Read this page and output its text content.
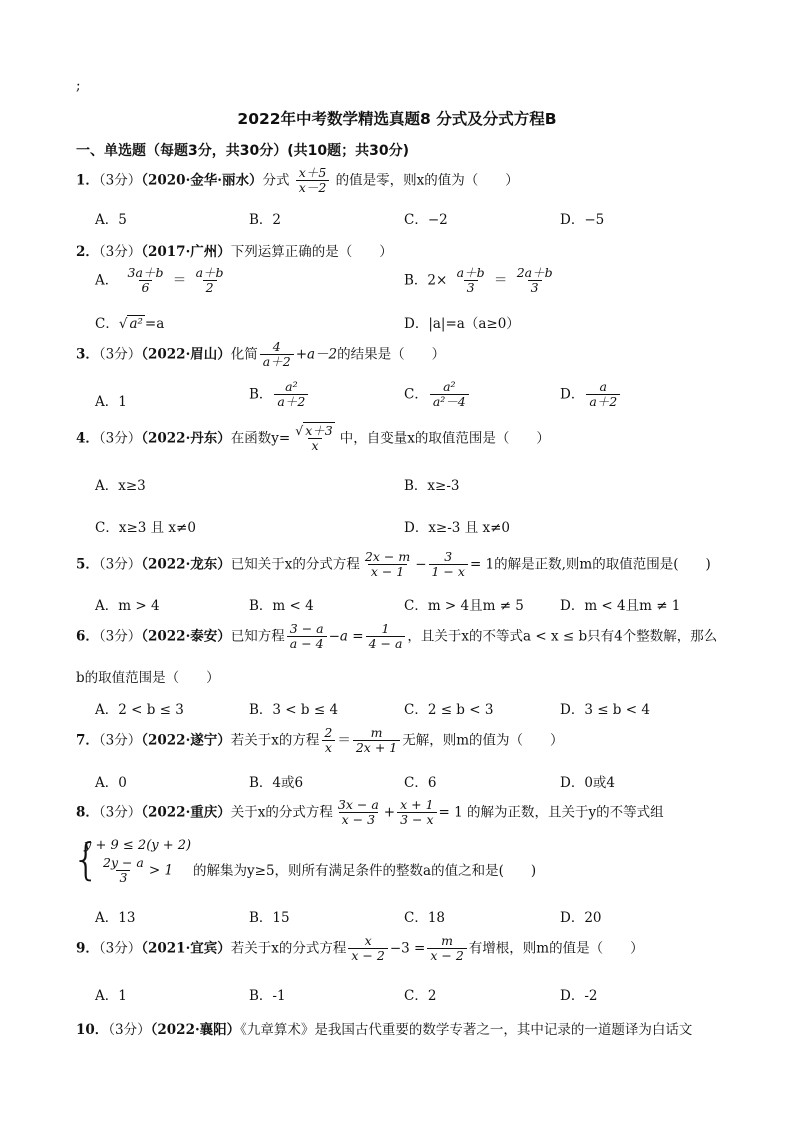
;
2022年中考数学精选真题8 分式及分式方程B
一、单选题（每题3分，共30分）(共10题；共30分)
1．（3分）（2020·金华·丽水）分式 $\frac{x+5}{x-2}$ 的值是零，则x的值为（　　）
A．5	B．2	C．−2	D．−5
2．（3分）（2017·广州）下列运算正确的是（　　）
A． $\frac{3a+b}{6} = \frac{a+b}{2}$	B．$2\times \frac{a+b}{3} = \frac{2a+b}{3}$
C．√ a² =a	D．|a|=a（a≥0）
3．（3分）（2022·眉山）化简 $\frac{4}{a+2} +a-2$的结果是（　　）
A．1	B． $\frac{\text{a²}}{a+2}$	C． $\frac{\text{a²}}{\text{a²－4}}$	D． $\frac{a}{a+2}$
4．（3分）（2022·丹东）在函数$y= \frac{√ x+3}{x}$ 中，自变量x的取值范围是（　　）
A．x≥3	B．x≥-3
C．x≥3 且 x≠0	D．x≥-3 且 x≠0
5．（3分）（2022·龙东）已知关于x的分式方程 $\frac{2x - m}{x - 1} - \frac{3}{1 - x} = 1$的解是正数,则m的取值范围是(　　)
A．m > 4	B．m < 4	C．m > 4且m ≠ 5	D．m < 4且m ≠ 1
6．（3分）（2022·泰安）已知方程 $\frac{3 - a}{a - 4} -a = \frac{1}{4 - a}$ ，且关于x的不等式a < x ≤ b只有4个整数解，那么
b的取值范围是（　　）
A．2 < b ≤ 3	B．3 < b ≤ 4	C．2 ≤ b < 3	D．3 ≤ b < 4
7．（3分）（2022·遂宁）若关于x的方程 $\frac{2}{x} = \frac{m}{2x + 1}$ 无解，则m的值为（　　）
A．0	B．4或6	C．6	D．0或4
8．（3分）（2022·重庆）关于x的分式方程 $\frac{3x - a}{x - 3} + \frac{x + 1}{3 - x} = 1$ 的解为正数，且关于y的不等式组
{
y + 9 ≤ 2(y + 2)
$\frac{2y - a}{3} > 1$ 的解集为y≥5，则所有满足条件的整数a的值之和是(　　)
A．13	B．15	C．18	D．20
9．（3分）（2021·宜宾）若关于x的分式方程 $\frac{x}{x - 2} -3 = \frac{m}{x - 2}$ 有增根，则m的值是（　　）
A．1	B．-1	C．2	D．-2
10．（3分）（2022·襄阳）《九章算术》是我国古代重要的数学专著之一，其中记录的一道题译为白话文
